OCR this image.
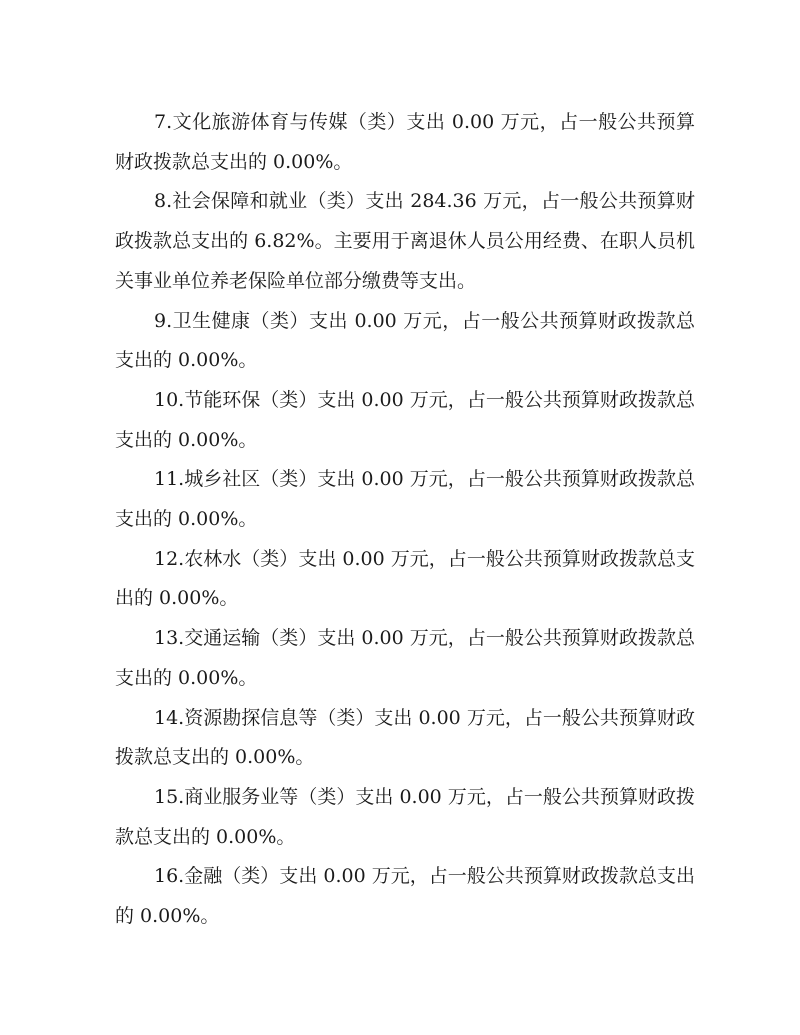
7.文化旅游体育与传媒（类）支出 0.00 万元，占一般公共预算财政拨款总支出的 0.00%。

8.社会保障和就业（类）支出 284.36 万元，占一般公共预算财政拨款总支出的 6.82%。主要用于离退休人员公用经费、在职人员机关事业单位养老保险单位部分缴费等支出。

9.卫生健康（类）支出 0.00 万元，占一般公共预算财政拨款总支出的 0.00%。

10.节能环保（类）支出 0.00 万元，占一般公共预算财政拨款总支出的 0.00%。

11.城乡社区（类）支出 0.00 万元，占一般公共预算财政拨款总支出的 0.00%。

12.农林水（类）支出 0.00 万元，占一般公共预算财政拨款总支出的 0.00%。

13.交通运输（类）支出 0.00 万元，占一般公共预算财政拨款总支出的 0.00%。

14.资源勘探信息等（类）支出 0.00 万元，占一般公共预算财政拨款总支出的 0.00%。

15.商业服务业等（类）支出 0.00 万元，占一般公共预算财政拨款总支出的 0.00%。

16.金融（类）支出 0.00 万元，占一般公共预算财政拨款总支出的 0.00%。
